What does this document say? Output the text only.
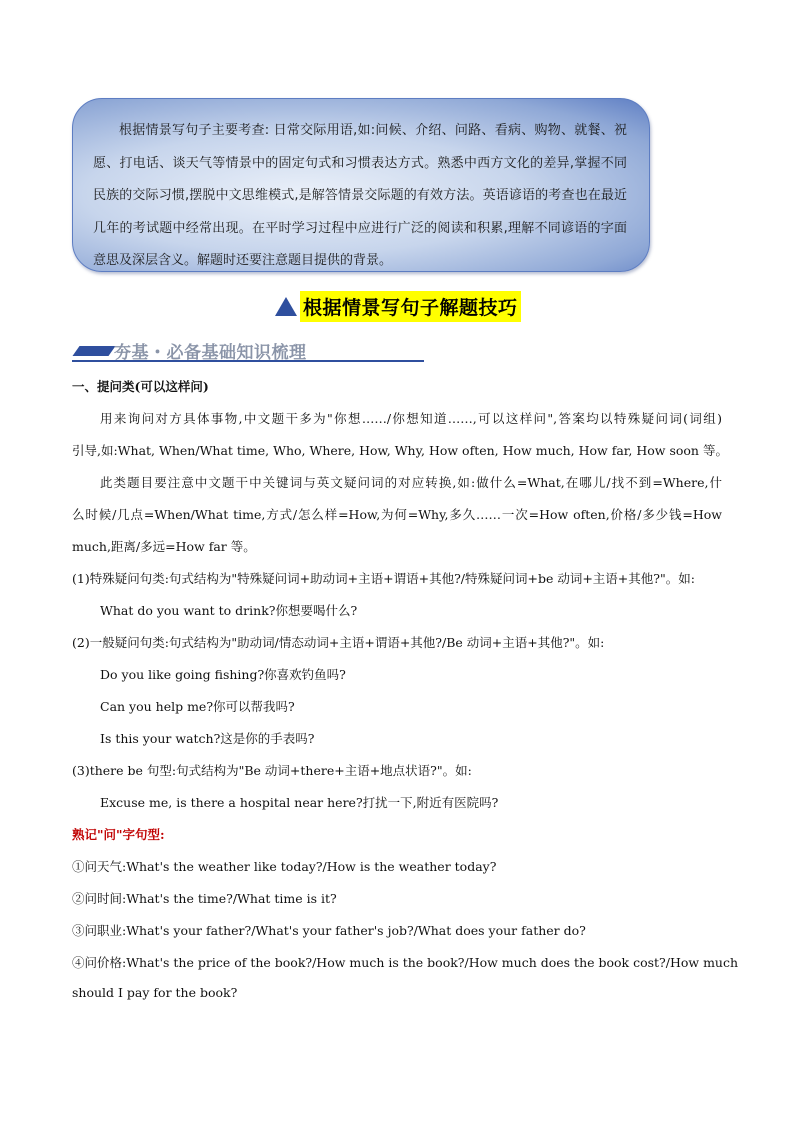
根据情景写句子主要考查: 日常交际用语,如:问候、介绍、问路、看病、购物、就餐、祝愿、打电话、谈天气等情景中的固定句式和习惯表达方式。熟悉中西方文化的差异,掌握不同民族的交际习惯,摆脱中文思维模式,是解答情景交际题的有效方法。英语谚语的考查也在最近几年的考试题中经常出现。在平时学习过程中应进行广泛的阅读和积累,理解不同谚语的字面意思及深层含义。解题时还要注意题目提供的背景。
根据情景写句子解题技巧
夯基・必备基础知识梳理
一、提问类(可以这样问)
用来询问对方具体事物,中文题干多为"你想……/你想知道……,可以这样问",答案均以特殊疑问词(词组)
引导,如:What, When/What time, Who, Where, How, Why, How often, How much, How far, How soon 等。
此类题目要注意中文题干中关键词与英文疑问词的对应转换,如:做什么=What,在哪儿/找不到=Where,什
么时候/几点=When/What time,方式/怎么样=How,为何=Why,多久……一次=How often,价格/多少钱=How
much,距离/多远=How far 等。
(1)特殊疑问句类:句式结构为"特殊疑问词+助动词+主语+谓语+其他?/特殊疑问词+be 动词+主语+其他?"。如:
What do you want to drink?你想要喝什么?
(2)一般疑问句类:句式结构为"助动词/情态动词+主语+谓语+其他?/Be 动词+主语+其他?"。如:
Do you like going fishing?你喜欢钓鱼吗?
Can you help me?你可以帮我吗?
Is this your watch?这是你的手表吗?
(3)there be 句型:句式结构为"Be 动词+there+主语+地点状语?"。如:
Excuse me, is there a hospital near here?打扰一下,附近有医院吗?
熟记"问"字句型:
①问天气:What's the weather like today?/How is the weather today?
②问时间:What's the time?/What time is it?
③问职业:What's your father?/What's your father's job?/What does your father do?
④问价格:What's the price of the book?/How much is the book?/How much does the book cost?/How much
should I pay for the book?
